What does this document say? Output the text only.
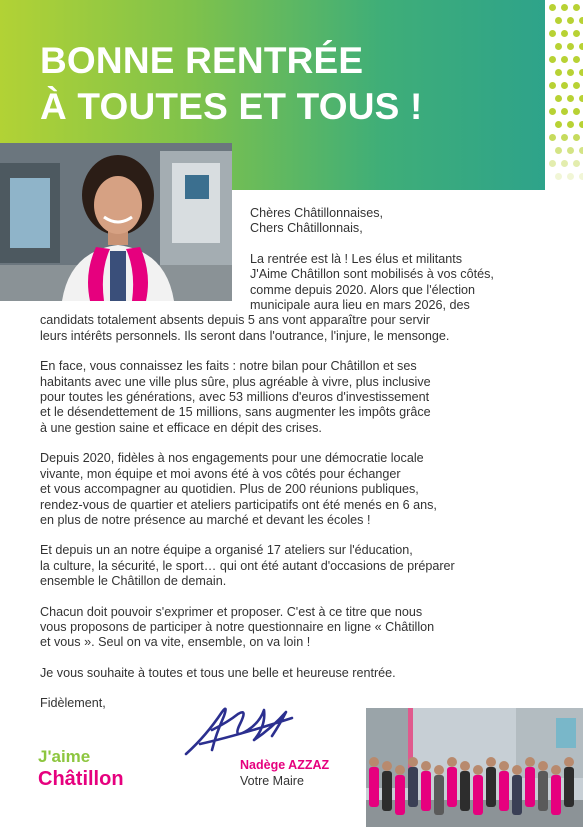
BONNE RENTRÉE
À TOUTES ET TOUS !

Chères Châtillonnaises,

Chers Châtillonnais,

La rentrée est là ! Les élus et militants

J'Aime Châtillon sont mobilisés à vos côtés,

comme depuis 2020. Alors que l'élection

municipale aura lieu en mars 2026, des

candidats totalement absents depuis 5 ans vont apparaître pour servir

leurs intérêts personnels. Ils seront dans l'outrance, l'injure, le mensonge.

En face, vous connaissez les faits : notre bilan pour Châtillon et ses

habitants avec une ville plus sûre, plus agréable à vivre, plus inclusive

pour toutes les générations, avec 53 millions d'euros d'investissement

et le désendettement de 15 millions, sans augmenter les impôts grâce

à une gestion saine et efficace en dépit des crises.

Depuis 2020, fidèles à nos engagements pour une démocratie locale

vivante, mon équipe et moi avons été à vos côtés pour échanger

et vous accompagner au quotidien. Plus de 200 réunions publiques,

rendez-vous de quartier et ateliers participatifs ont été menés en 6 ans,

en plus de notre présence au marché et devant les écoles !

Et depuis un an notre équipe a organisé 17 ateliers sur l'éducation,

la culture, la sécurité, le sport… qui ont été autant d'occasions de préparer

ensemble le Châtillon de demain.

Chacun doit pouvoir s'exprimer et proposer. C'est à ce titre que nous

vous proposons de participer à notre questionnaire en ligne « Châtillon

et vous ». Seul on va vite, ensemble, on va loin !

Je vous souhaite à toutes et tous une belle et heureuse rentrée.

Fidèlement,

J'aime
Châtillon
Nadège AZZAZ
Votre Maire
